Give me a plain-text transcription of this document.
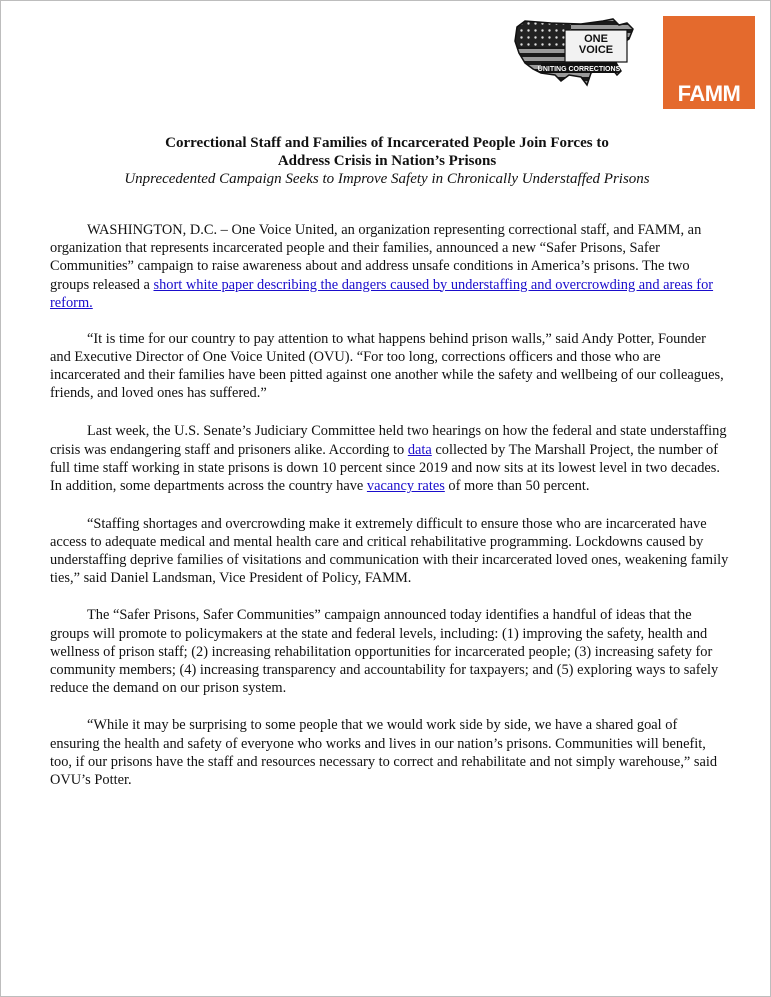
ONE
VOICE
UNITING CORRECTIONS
FAMM
Correctional Staff and Families of Incarcerated People Join Forces to
Address Crisis in Nation’s Prisons
Unprecedented Campaign Seeks to Improve Safety in Chronically Understaffed Prisons

WASHINGTON, D.C. – One Voice United, an organization representing correctional staff, and FAMM, an organization that represents incarcerated people and their families, announced a new “Safer Prisons, Safer Communities” campaign to raise awareness about and address unsafe conditions in America’s prisons. The two groups released a short white paper describing the dangers caused by understaffing and overcrowding and areas for reform.

“It is time for our country to pay attention to what happens behind prison walls,” said Andy Potter, Founder and Executive Director of One Voice United (OVU). “For too long, corrections officers and those who are incarcerated and their families have been pitted against one another while the safety and wellbeing of our colleagues, friends, and loved ones has suffered.”

Last week, the U.S. Senate’s Judiciary Committee held two hearings on how the federal and state understaffing crisis was endangering staff and prisoners alike. According to data collected by The Marshall Project, the number of full time staff working in state prisons is down 10 percent since 2019 and now sits at its lowest level in two decades. In addition, some departments across the country have vacancy rates of more than 50 percent.

“Staffing shortages and overcrowding make it extremely difficult to ensure those who are incarcerated have access to adequate medical and mental health care and critical rehabilitative programming. Lockdowns caused by understaffing deprive families of visitations and communication with their incarcerated loved ones, weakening family ties,” said Daniel Landsman, Vice President of Policy, FAMM.

The “Safer Prisons, Safer Communities” campaign announced today identifies a handful of ideas that the groups will promote to policymakers at the state and federal levels, including: (1) improving the safety, health and wellness of prison staff; (2) increasing rehabilitation opportunities for incarcerated people; (3) increasing safety for community members; (4) increasing transparency and accountability for taxpayers; and (5) exploring ways to safely reduce the demand on our prison system.

“While it may be surprising to some people that we would work side by side, we have a shared goal of ensuring the health and safety of everyone who works and lives in our nation’s prisons. Communities will benefit, too, if our prisons have the staff and resources necessary to correct and rehabilitate and not simply warehouse,” said OVU’s Potter.
